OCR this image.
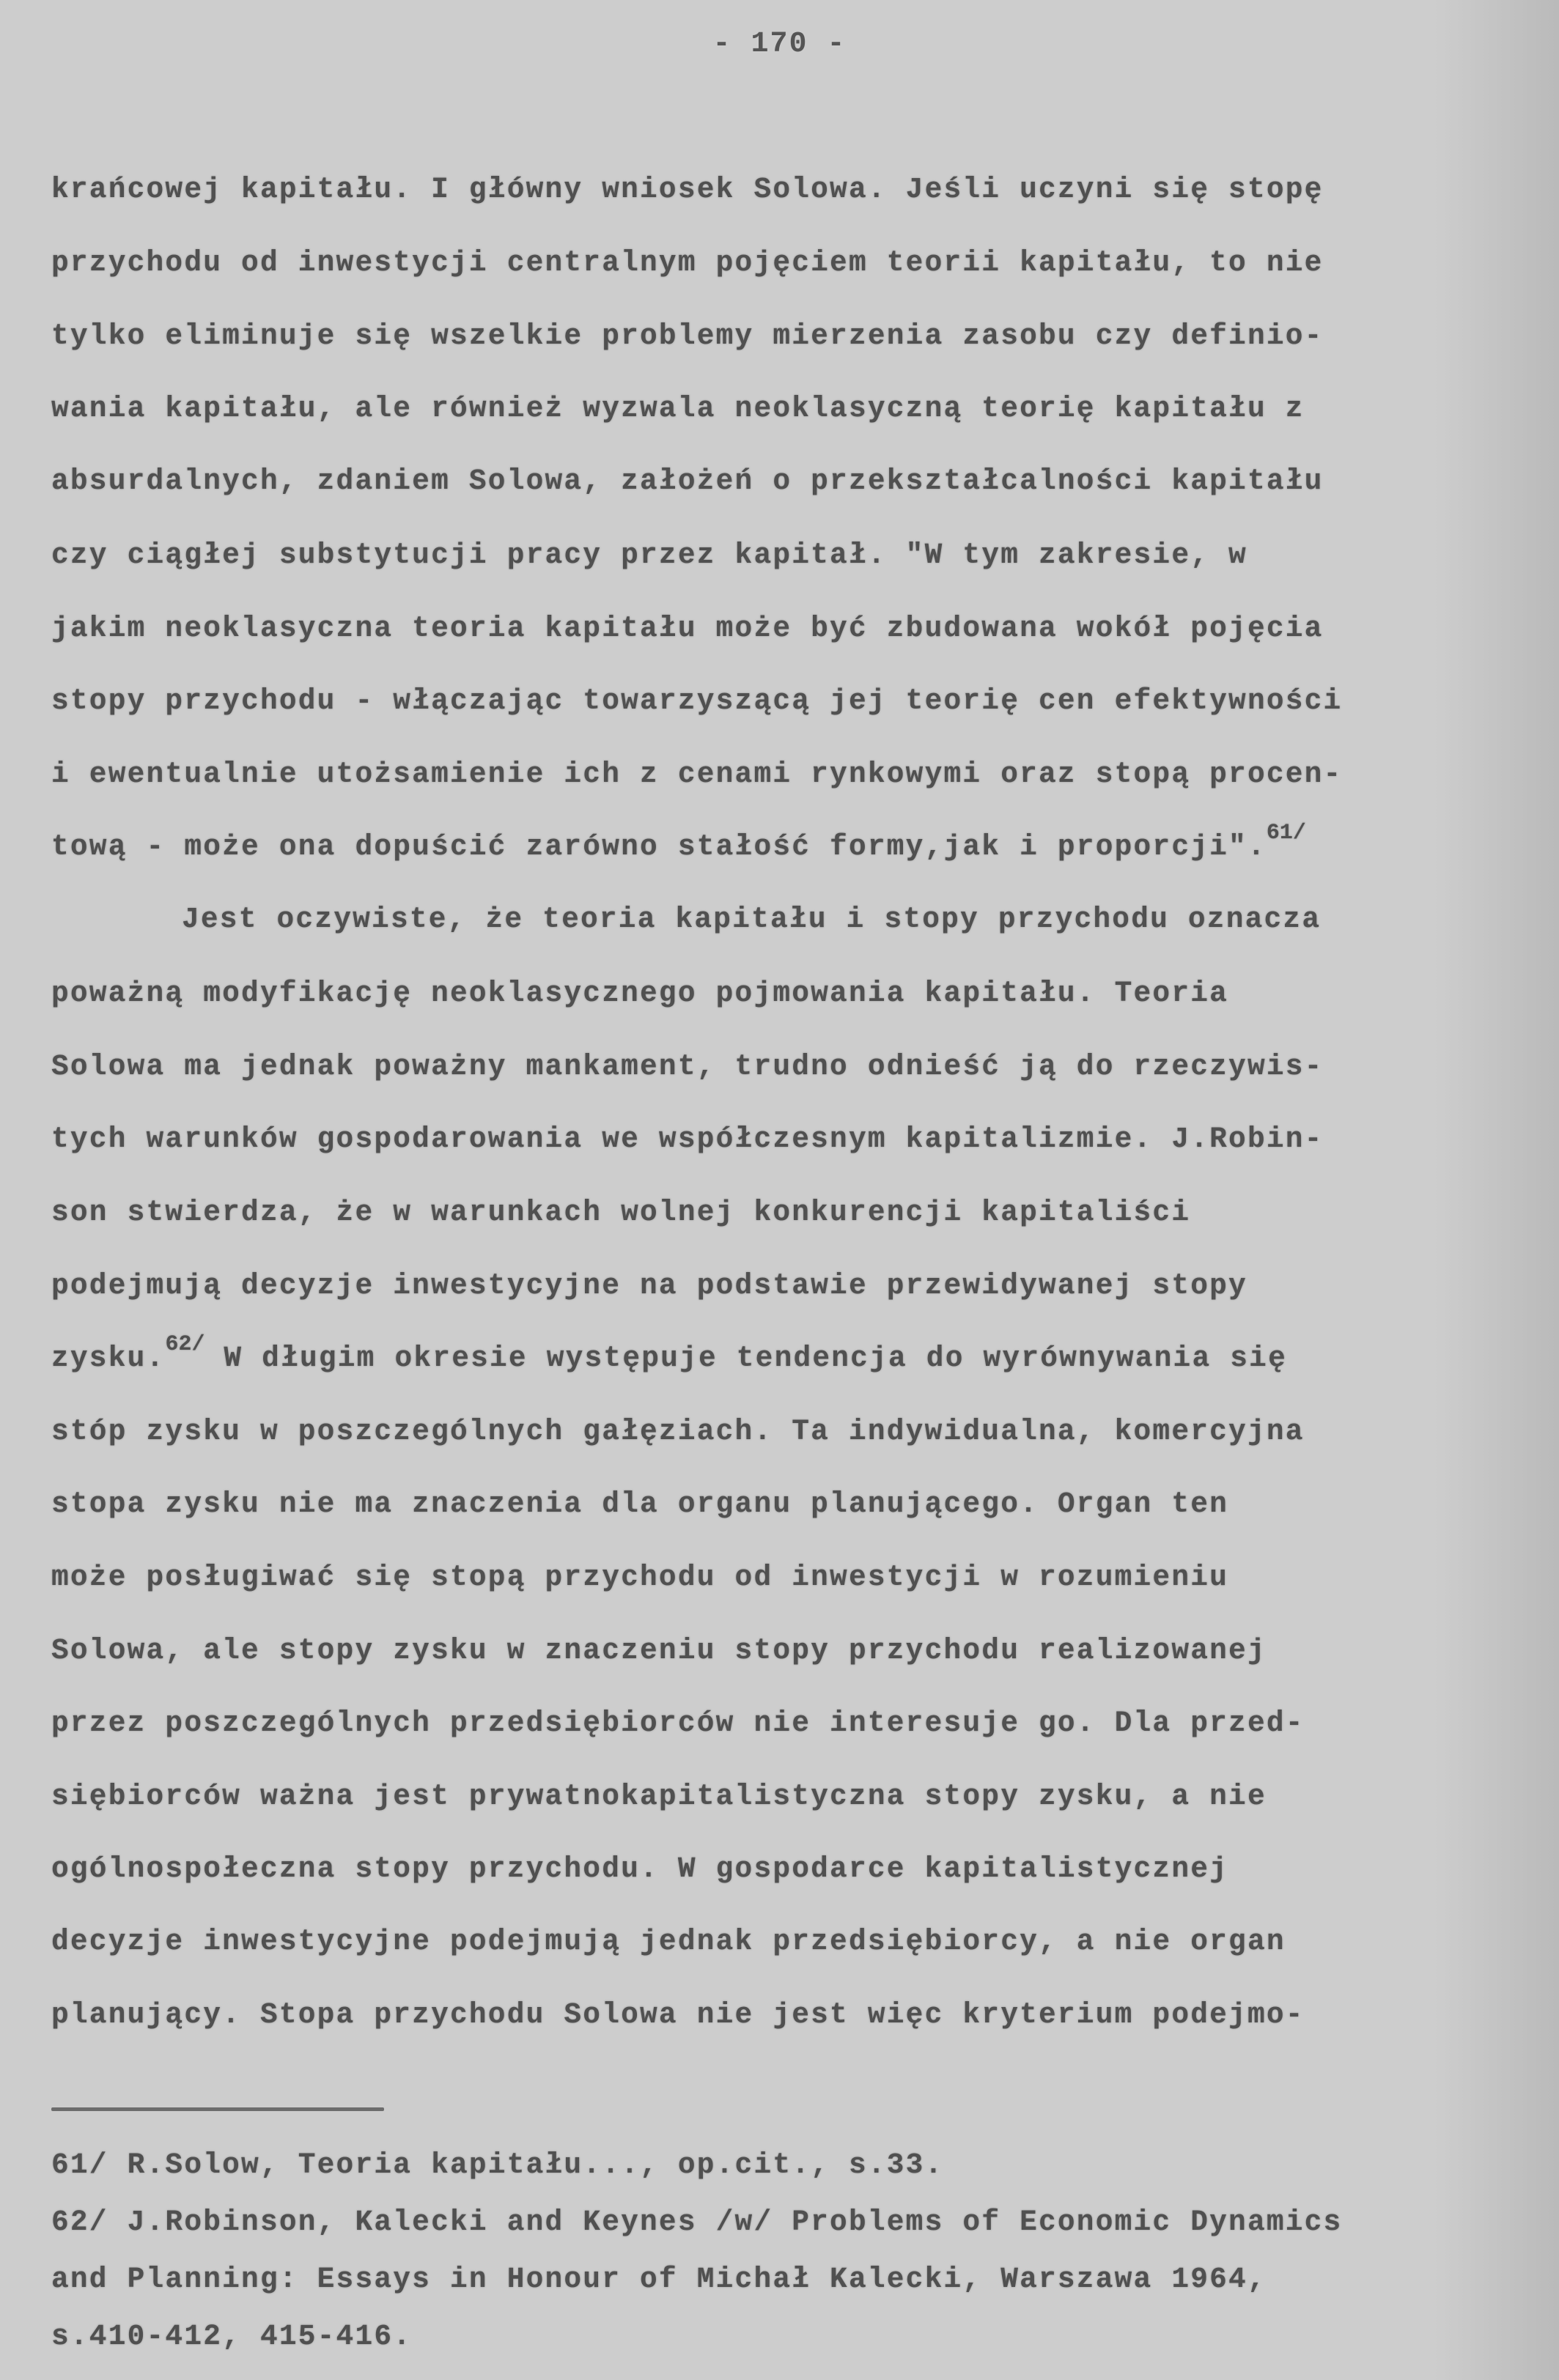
- 170 -
krańcowej kapitału. I główny wniosek Solowa. Jeśli uczyni się stopę
przychodu od inwestycji centralnym pojęciem teorii kapitału, to nie
tylko eliminuje się wszelkie problemy mierzenia zasobu czy definio-
wania kapitału, ale również wyzwala neoklasyczną teorię kapitału z
absurdalnych, zdaniem Solowa, założeń o przekształcalności kapitału
czy ciągłej substytucji pracy przez kapitał. "W tym zakresie, w
jakim neoklasyczna teoria kapitału może być zbudowana wokół pojęcia
stopy przychodu - włączając towarzyszącą jej teorię cen efektywności
i ewentualnie utożsamienie ich z cenami rynkowymi oraz stopą procen-
tową - może ona dopuścić zarówno stałość formy,jak i proporcji".$^{61/}$
Jest oczywiste, że teoria kapitału i stopy przychodu oznacza
poważną modyfikację neoklasycznego pojmowania kapitału. Teoria
Solowa ma jednak poważny mankament, trudno odnieść ją do rzeczywis-
tych warunków gospodarowania we współczesnym kapitalizmie. J.Robin-
son stwierdza, że w warunkach wolnej konkurencji kapitaliści
podejmują decyzje inwestycyjne na podstawie przewidywanej stopy
zysku.$^{62/}$ W długim okresie występuje tendencja do wyrównywania się
stóp zysku w poszczególnych gałęziach. Ta indywidualna, komercyjna
stopa zysku nie ma znaczenia dla organu planującego. Organ ten
może posługiwać się stopą przychodu od inwestycji w rozumieniu
Solowa, ale stopy zysku w znaczeniu stopy przychodu realizowanej
przez poszczególnych przedsiębiorców nie interesuje go. Dla przed-
siębiorców ważna jest prywatnokapitalistyczna stopy zysku, a nie
ogólnospołeczna stopy przychodu. W gospodarce kapitalistycznej
decyzje inwestycyjne podejmują jednak przedsiębiorcy, a nie organ
planujący. Stopa przychodu Solowa nie jest więc kryterium podejmo-
61/ R.Solow, Teoria kapitału..., op.cit., s.33.
62/ J.Robinson, Kalecki and Keynes /w/ Problems of Economic Dynamics
and Planning: Essays in Honour of Michał Kalecki, Warszawa 1964,
s.410-412, 415-416.
